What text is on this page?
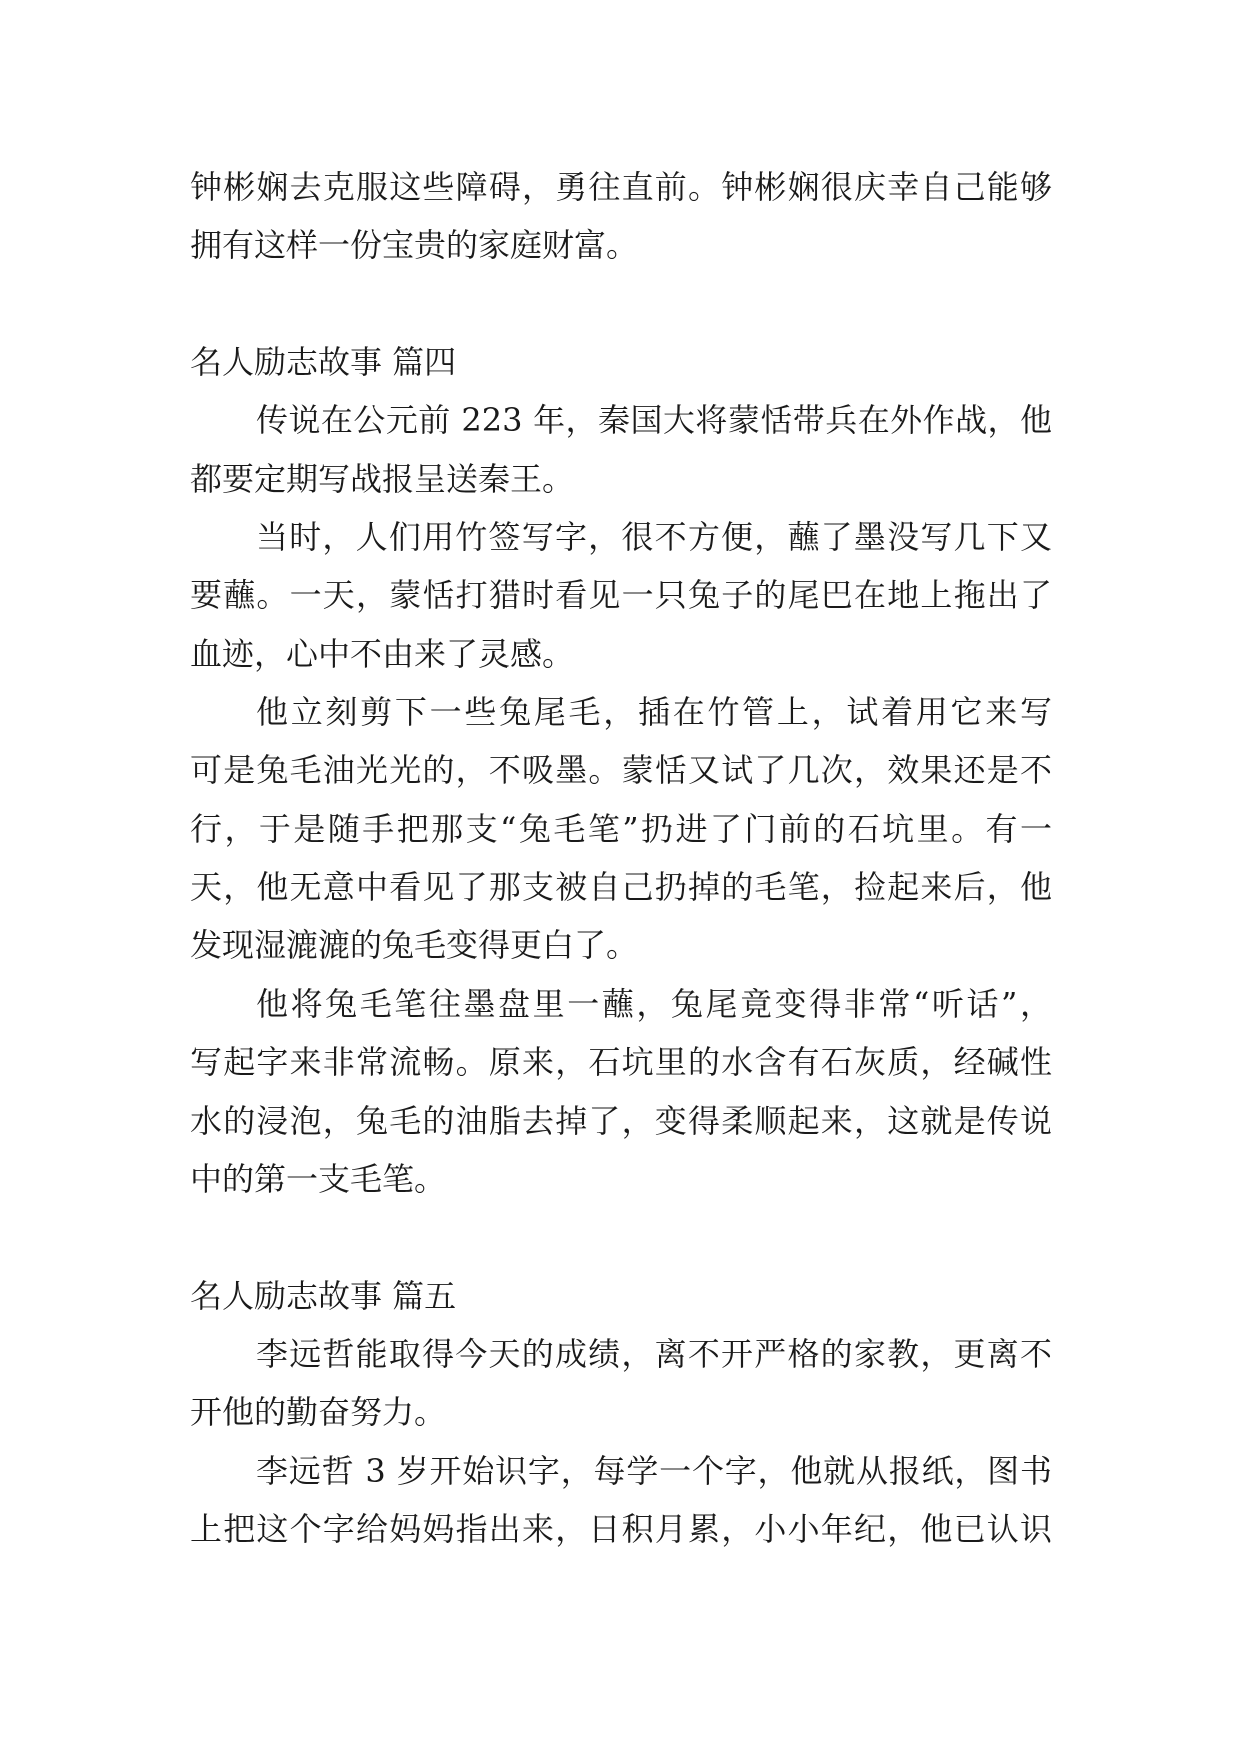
钟彬娴去克服这些障碍，勇往直前。钟彬娴很庆幸自己能够
拥有这样一份宝贵的家庭财富。
名人励志故事 篇四
传说在公元前 223 年，秦国大将蒙恬带兵在外作战，他
都要定期写战报呈送秦王。
当时，人们用竹签写字，很不方便，蘸了墨没写几下又
要蘸。一天，蒙恬打猎时看见一只兔子的尾巴在地上拖出了
血迹，心中不由来了灵感。
他立刻剪下一些兔尾毛，插在竹管上，试着用它来写
可是兔毛油光光的，不吸墨。蒙恬又试了几次，效果还是不
行，于是随手把那支“兔毛笔”扔进了门前的石坑里。有一
天，他无意中看见了那支被自己扔掉的毛笔，捡起来后，他
发现湿漉漉的兔毛变得更白了。
他将兔毛笔往墨盘里一蘸，兔尾竟变得非常“听话”，
写起字来非常流畅。原来，石坑里的水含有石灰质，经碱性
水的浸泡，兔毛的油脂去掉了，变得柔顺起来，这就是传说
中的第一支毛笔。
名人励志故事 篇五
李远哲能取得今天的成绩，离不开严格的家教，更离不
开他的勤奋努力。
李远哲 3 岁开始识字，每学一个字，他就从报纸，图书
上把这个字给妈妈指出来，日积月累，小小年纪，他已认识
